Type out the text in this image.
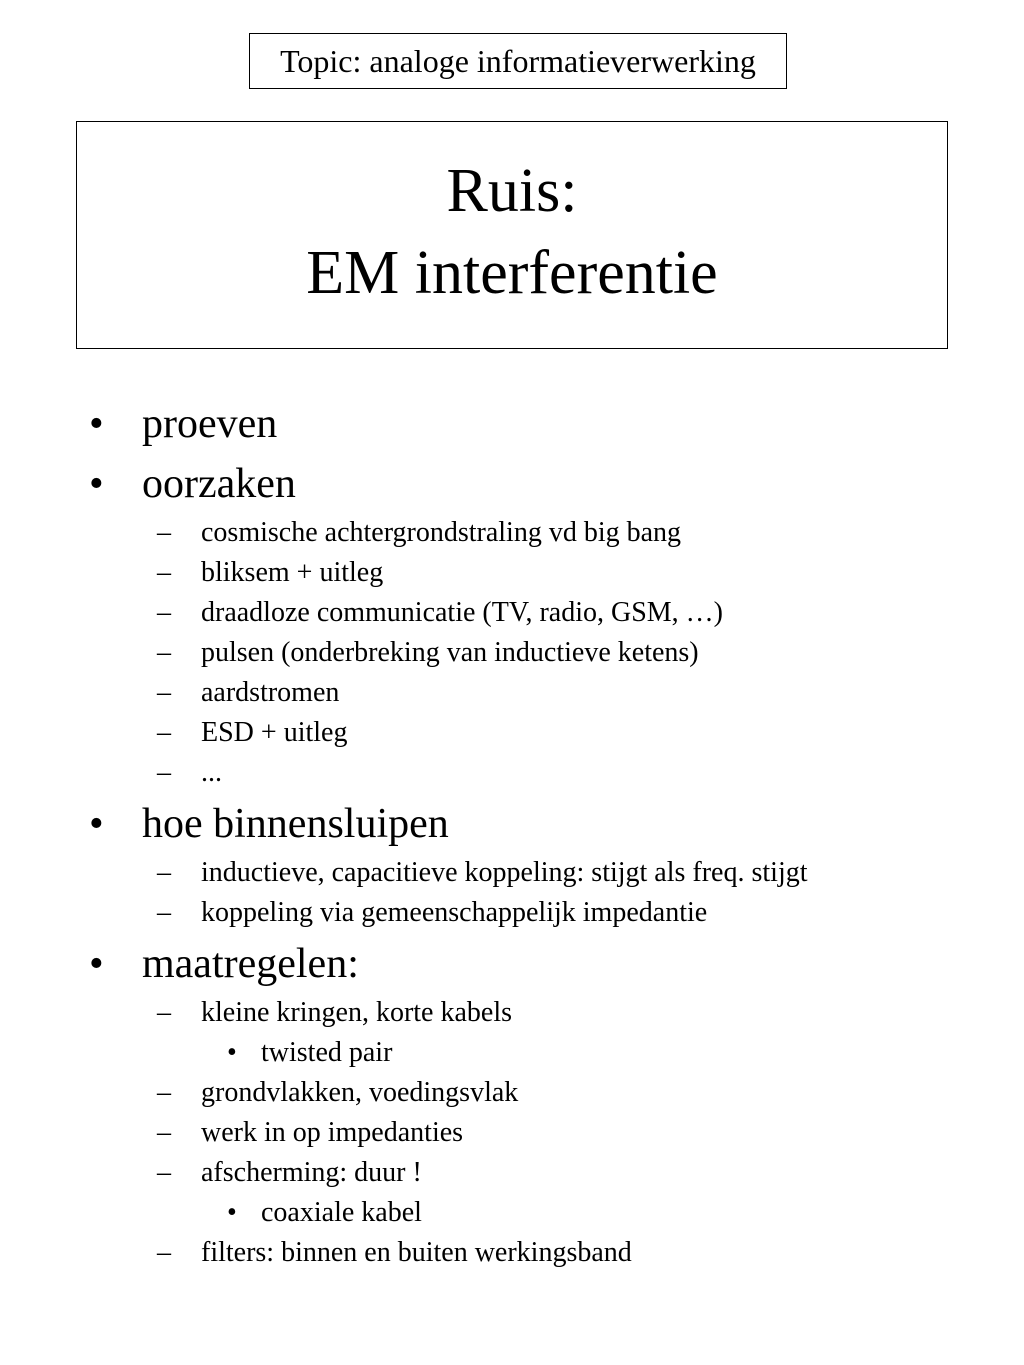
Topic: analoge informatieverwerking
Ruis:
EM interferentie
• proeven
• oorzaken
– cosmische achtergrondstraling vd big bang
– bliksem + uitleg
– draadloze communicatie (TV, radio, GSM, …)
– pulsen (onderbreking van inductieve ketens)
– aardstromen
– ESD + uitleg
– ...
• hoe binnensluipen
– inductieve, capacitieve koppeling: stijgt als freq. stijgt
– koppeling via gemeenschappelijk impedantie
• maatregelen:
– kleine kringen, korte kabels
• twisted pair
– grondvlakken, voedingsvlak
– werk in op impedanties
– afscherming: duur !
• coaxiale kabel
– filters: binnen en buiten werkingsband
